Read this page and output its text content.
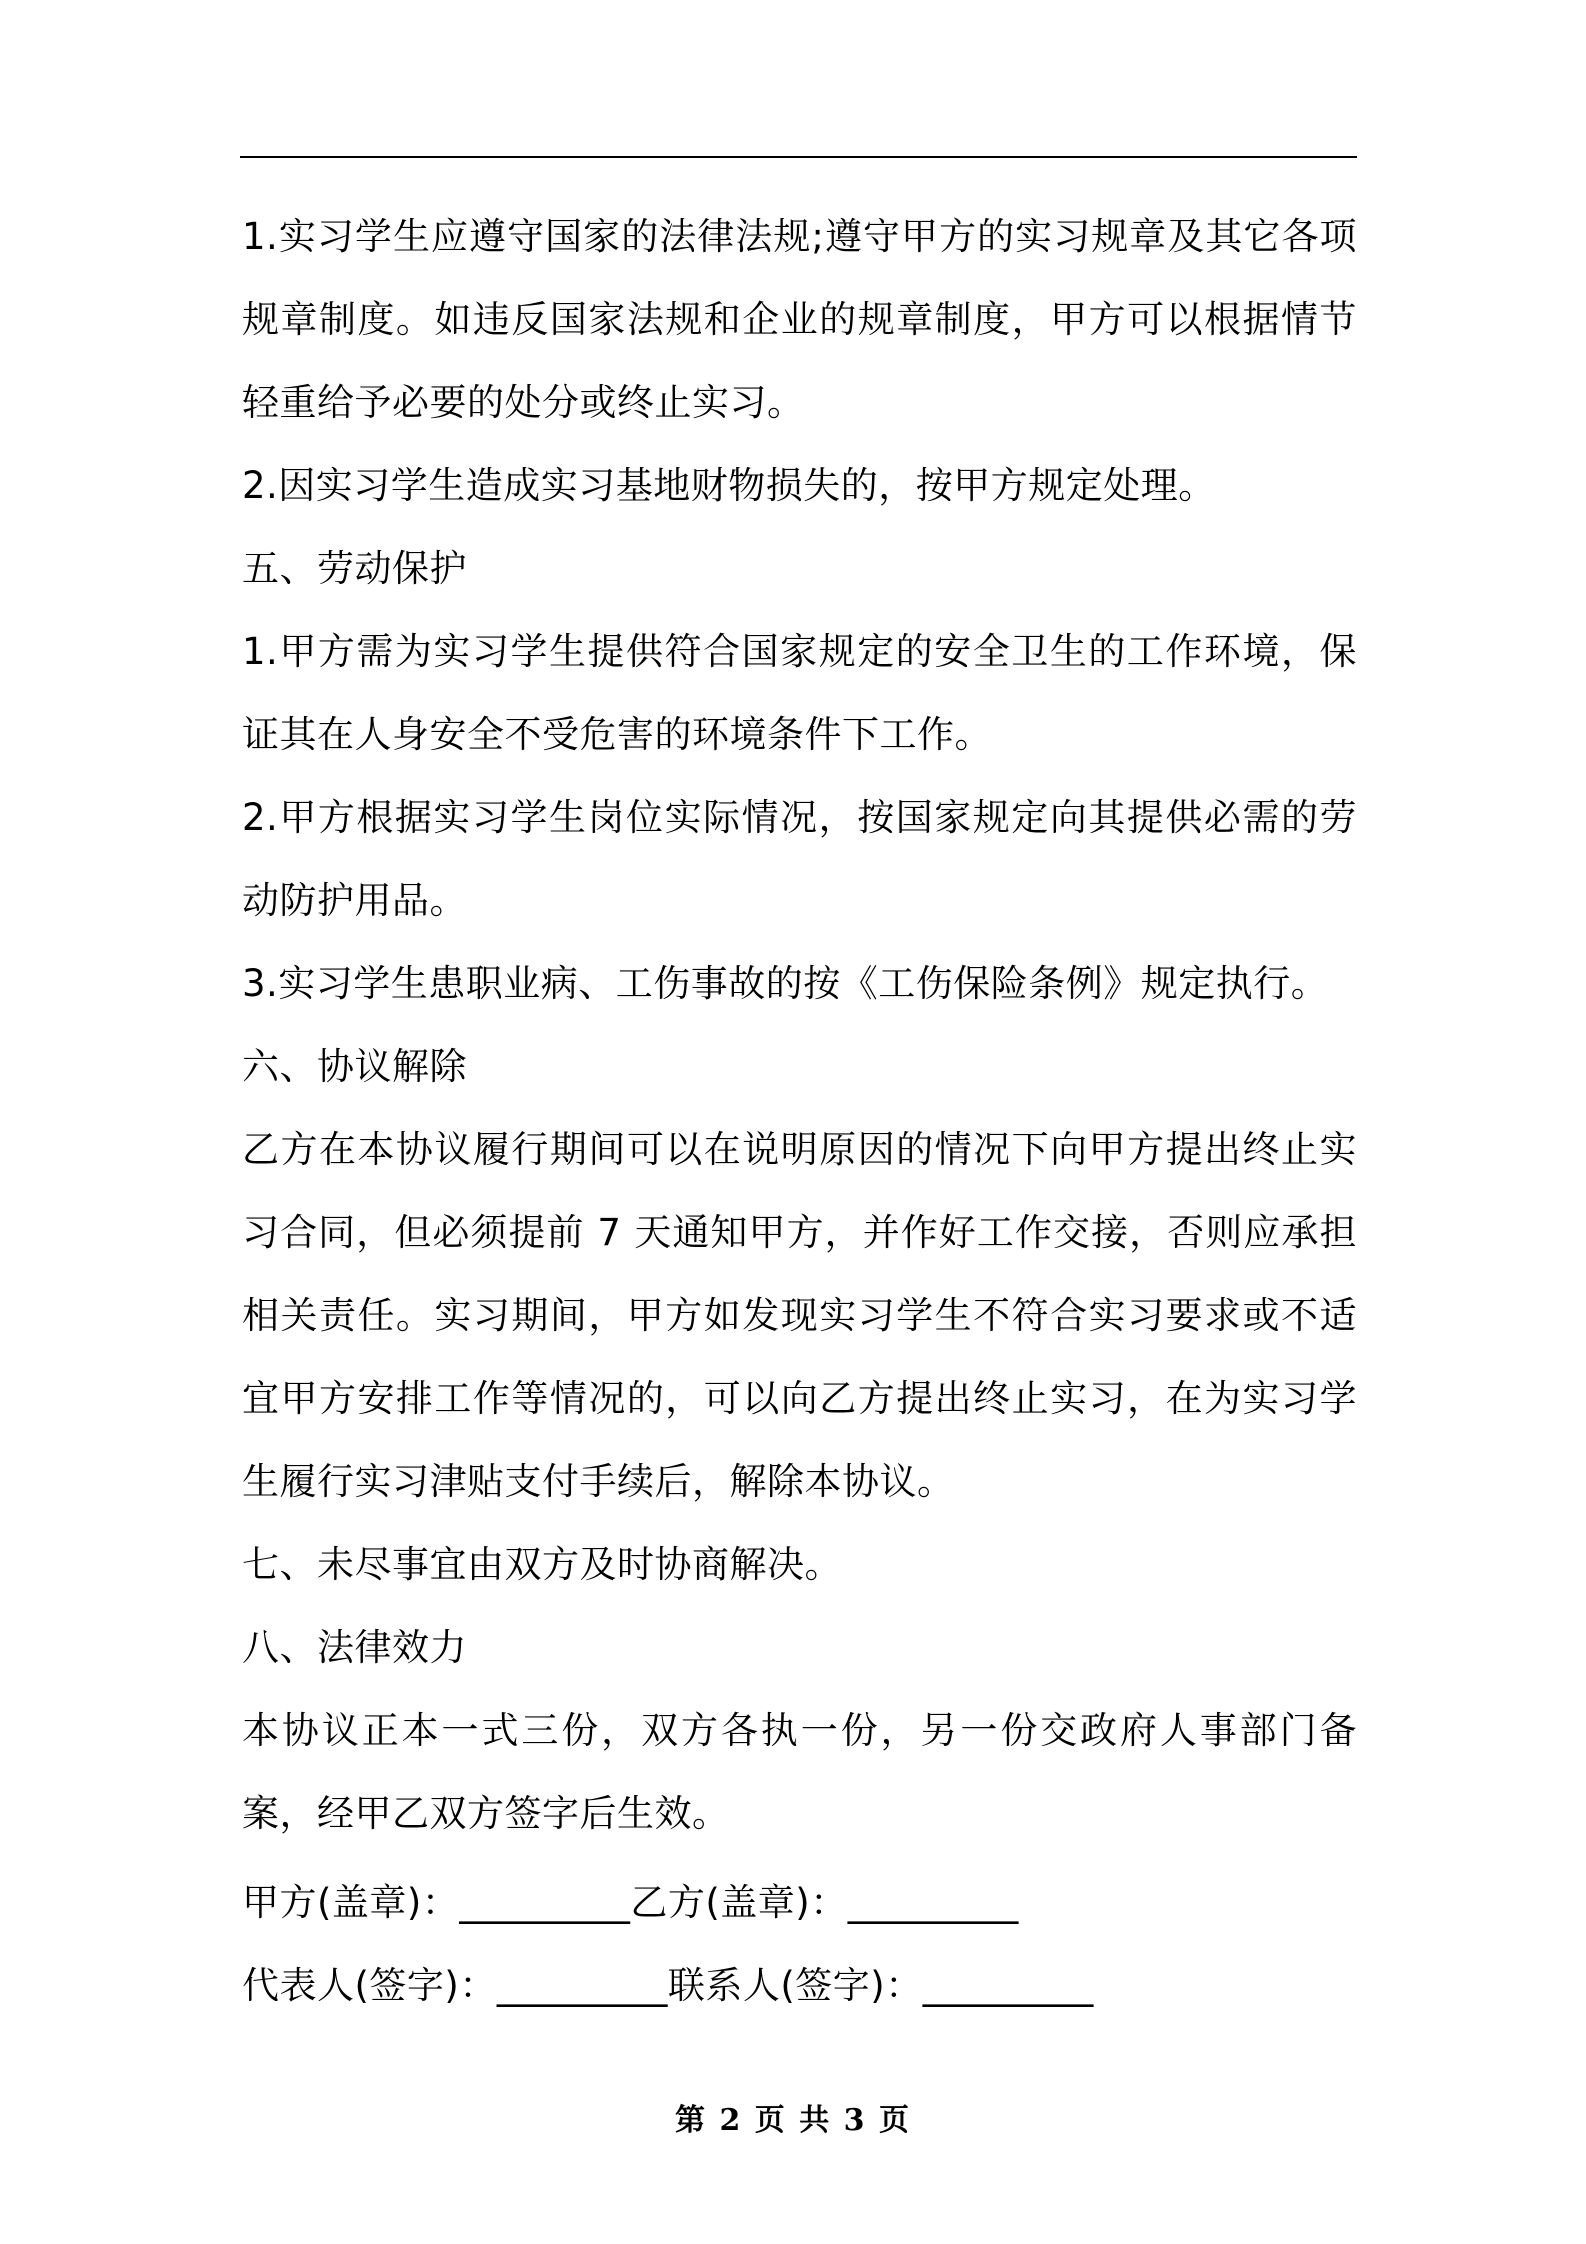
1.实习学生应遵守国家的法律法规;遵守甲方的实习规章及其它各项规章制度。如违反国家法规和企业的规章制度，甲方可以根据情节轻重给予必要的处分或终止实习。

2.因实习学生造成实习基地财物损失的，按甲方规定处理。

五、劳动保护

1.甲方需为实习学生提供符合国家规定的安全卫生的工作环境，保证其在人身安全不受危害的环境条件下工作。

2.甲方根据实习学生岗位实际情况，按国家规定向其提供必需的劳动防护用品。

3.实习学生患职业病、工伤事故的按《工伤保险条例》规定执行。

六、协议解除

乙方在本协议履行期间可以在说明原因的情况下向甲方提出终止实习合同，但必须提前 7 天通知甲方，并作好工作交接，否则应承担相关责任。实习期间，甲方如发现实习学生不符合实习要求或不适宜甲方安排工作等情况的，可以向乙方提出终止实习，在为实习学生履行实习津贴支付手续后，解除本协议。

七、未尽事宜由双方及时协商解决。

八、法律效力

本协议正本一式三份，双方各执一份，另一份交政府人事部门备案，经甲乙双方签字后生效。

甲方(盖章)：_________乙方(盖章)：_________

代表人(签字)：_________联系人(签字)：_________

第 2 页 共 3 页
